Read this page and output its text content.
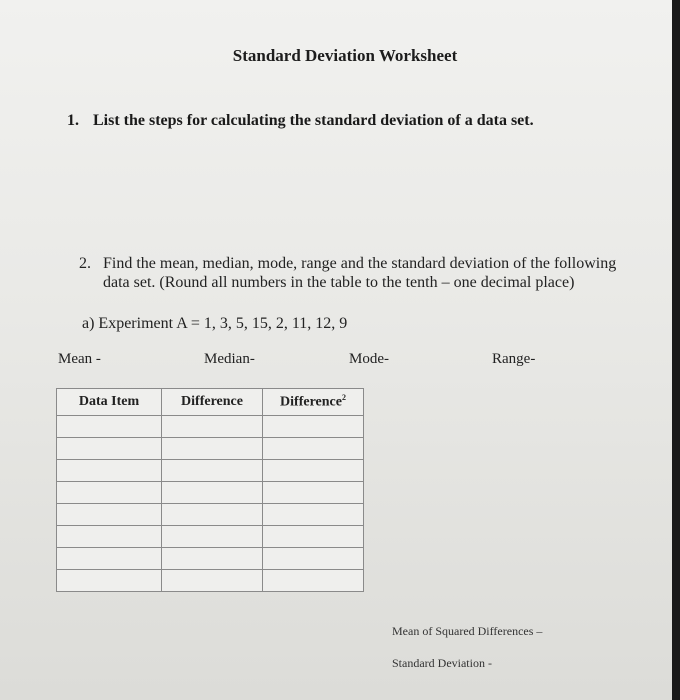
Standard Deviation Worksheet
1. List the steps for calculating the standard deviation of a data set.
2. Find the mean, median, mode, range and the standard deviation of the following
data set. (Round all numbers in the table to the tenth – one decimal place)
a) Experiment A = 1, 3, 5, 15, 2, 11, 12, 9
Mean -	Median-	Mode-	Range-
Data Item	Difference	Difference$^2$

Mean of Squared Differences –
Standard Deviation -
